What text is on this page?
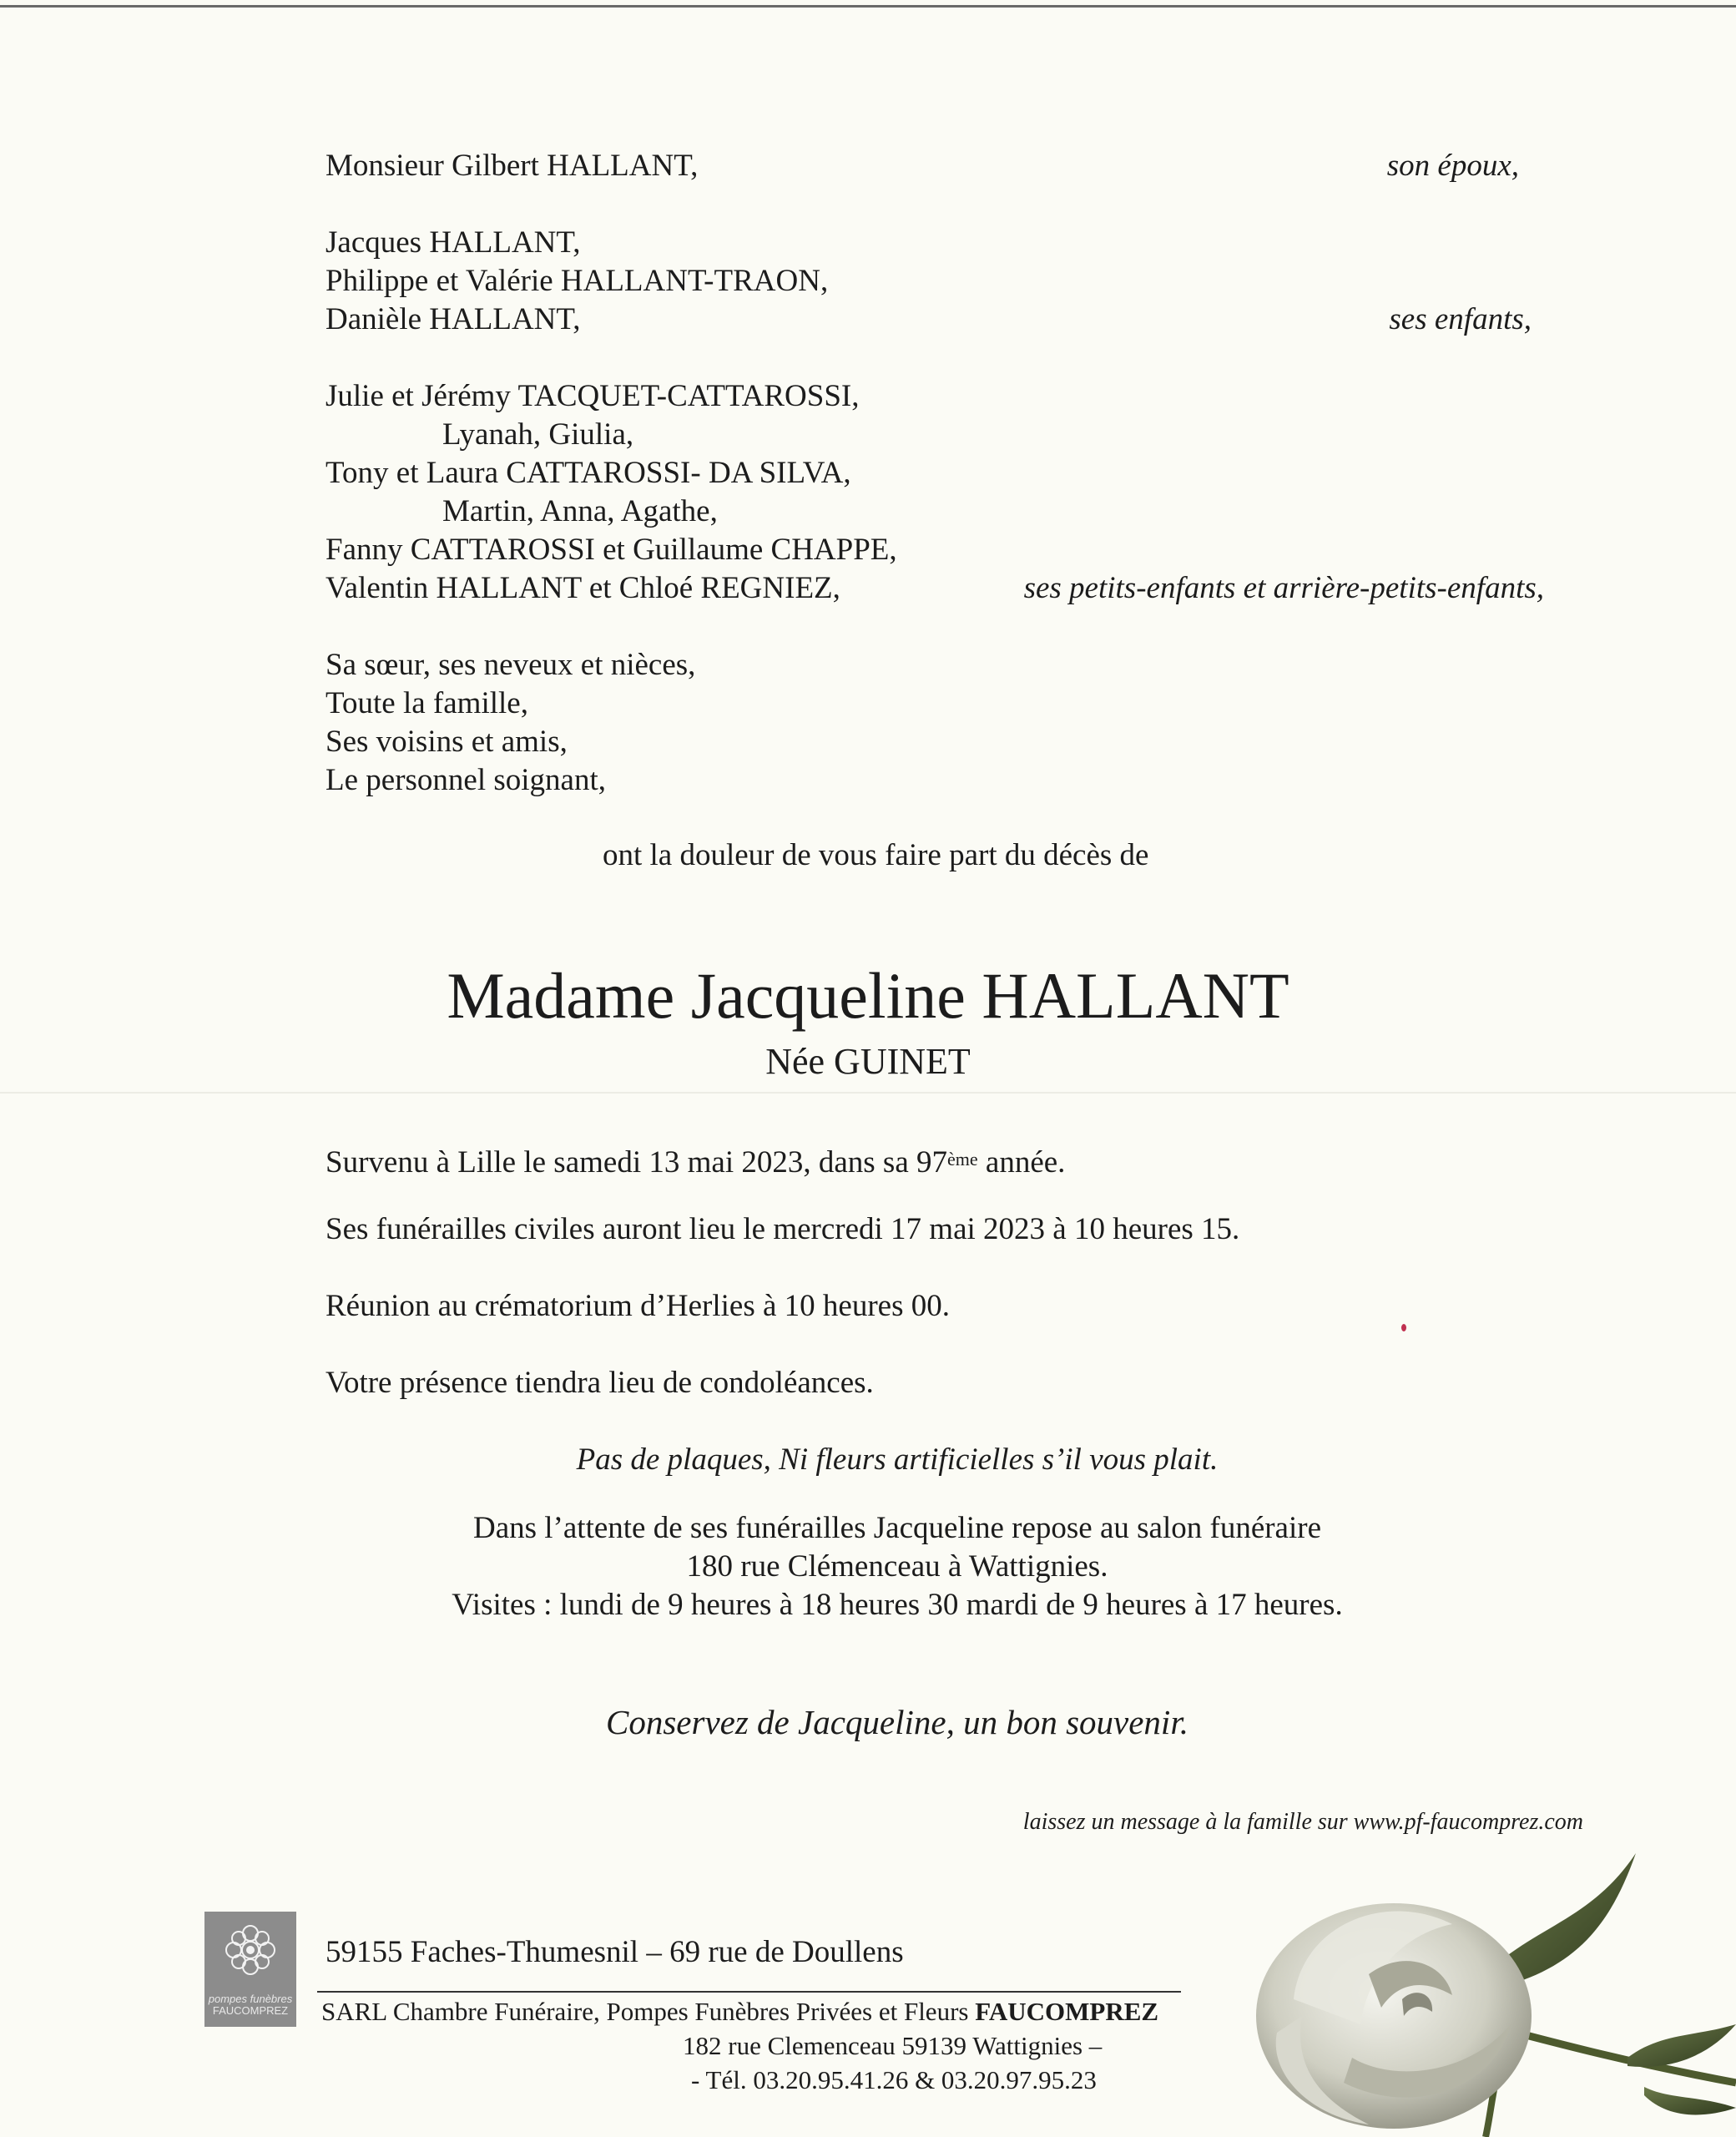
Monsieur Gilbert HALLANT,	son époux,
Jacques HALLANT,
Philippe et Valérie HALLANT-TRAON,
Danièle HALLANT,	ses enfants,
Julie et Jérémy TACQUET-CATTAROSSI,
Lyanah, Giulia,
Tony et Laura CATTAROSSI- DA SILVA,
Martin, Anna, Agathe,
Fanny CATTAROSSI et Guillaume CHAPPE,
Valentin HALLANT et Chloé REGNIEZ,	ses petits-enfants et arrière-petits-enfants,
Sa sœur, ses neveux et nièces,
Toute la famille,
Ses voisins et amis,
Le personnel soignant,
ont la douleur de vous faire part du décès de
Madame Jacqueline HALLANT
Née GUINET
Survenu à Lille le samedi 13 mai 2023, dans sa 97ème année.
Ses funérailles civiles auront lieu le mercredi 17 mai 2023 à 10 heures 15.
Réunion au crématorium d’Herlies à 10 heures 00.
Votre présence tiendra lieu de condoléances.
Pas de plaques, Ni fleurs artificielles s’il vous plait.
Dans l’attente de ses funérailles Jacqueline repose au salon funéraire
180 rue Clémenceau à Wattignies.
Visites : lundi de 9 heures à 18 heures 30 mardi de 9 heures à 17 heures.
Conservez de Jacqueline, un bon souvenir.
laissez un message à la famille sur www.pf-faucomprez.com
pompes funèbres
FAUCOMPREZ
59155 Faches-Thumesnil – 69 rue de Doullens
SARL Chambre Funéraire, Pompes Funèbres Privées et Fleurs FAUCOMPREZ
182 rue Clemenceau 59139 Wattignies –
- Tél. 03.20.95.41.26 & 03.20.97.95.23
